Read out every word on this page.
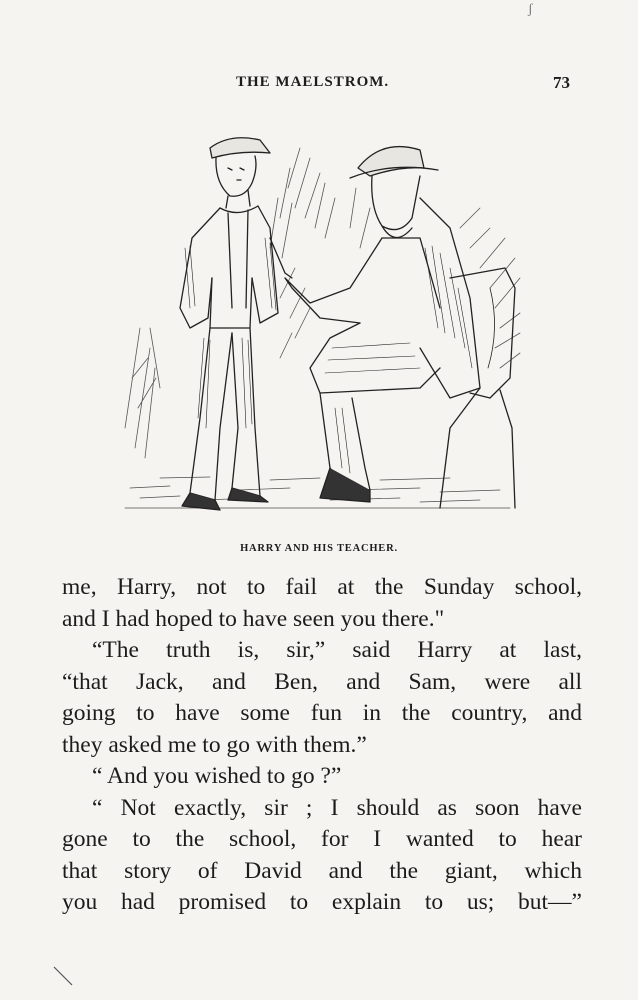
ʃ
THE MAELSTROM.	73
HARRY AND HIS TEACHER.
me, Harry, not to fail at the Sunday school,
and I had hoped to have seen you there."
“The truth is, sir,” said Harry at last,
“that Jack, and Ben, and Sam, were all
going to have some fun in the country, and
they asked me to go with them.”
“ And you wished to go ?”
“ Not exactly, sir ; I should as soon have
gone to the school, for I wanted to hear
that story of David and the giant, which
you had promised to explain to us; but—”
